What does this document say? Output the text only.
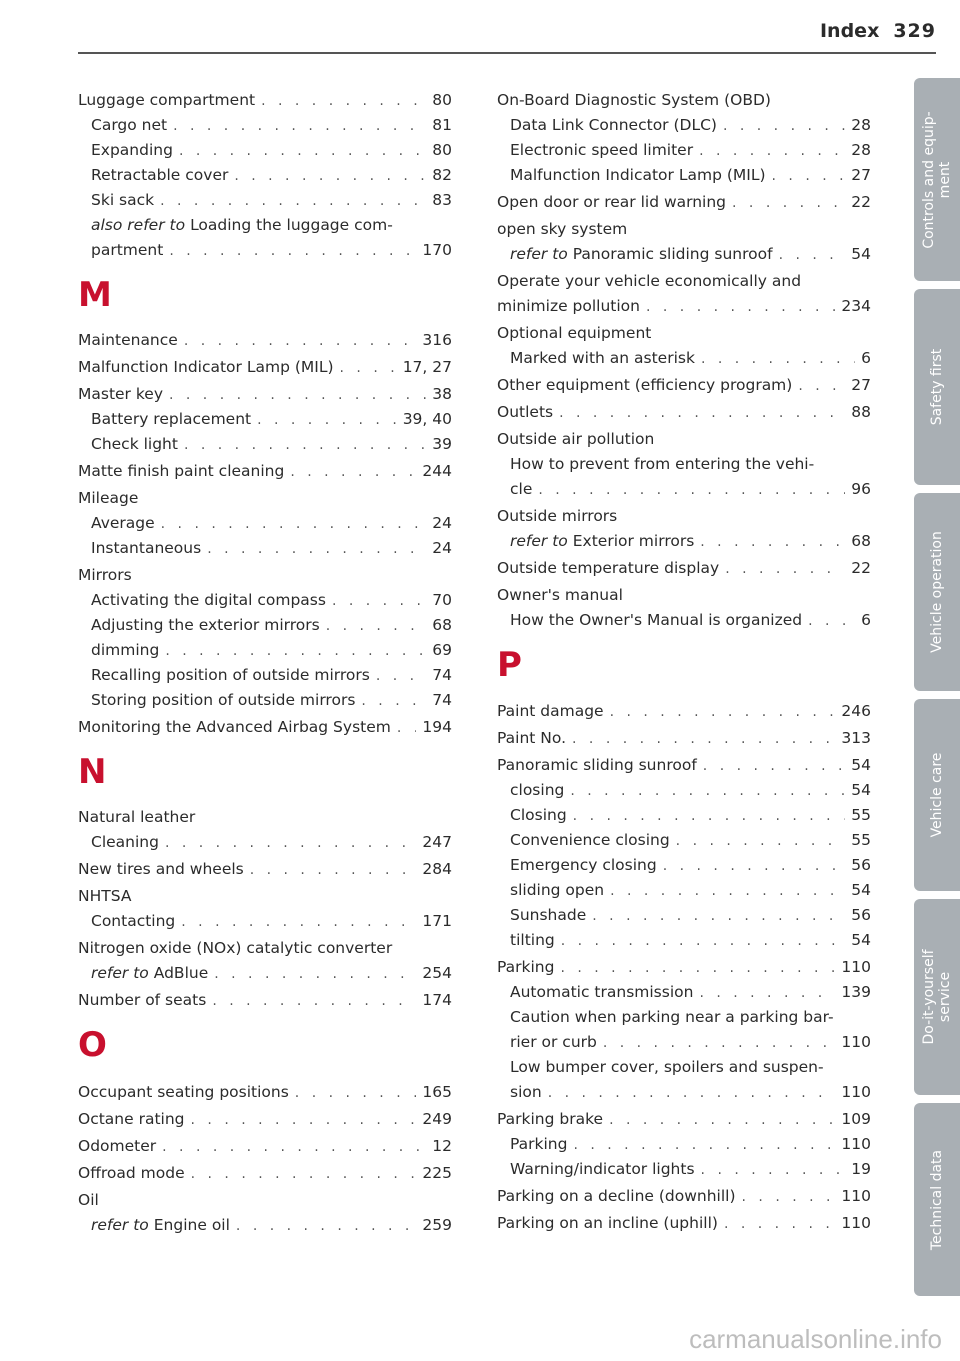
Index 329
Luggage compartment . . .	80
Cargo net . . .	81
Expanding . . .	80
Retractable cover . . .	82
Ski sack . . .	83
also refer to Loading the luggage com-
partment . . .	170
M
Maintenance . . .	316
Malfunction Indicator Lamp (MIL) . . .	17, 27
Master key . . .	38
Battery replacement . . .	39, 40
Check light . . .	39
Matte finish paint cleaning . . .	244
Mileage
Average . . .	24
Instantaneous . . .	24
Mirrors
Activating the digital compass . . .	70
Adjusting the exterior mirrors . . .	68
dimming . . .	69
Recalling position of outside mirrors . . .	74
Storing position of outside mirrors . . .	74
Monitoring the Advanced Airbag System . . . 194
N
Natural leather
Cleaning . . .	247
New tires and wheels . . .	284
NHTSA
Contacting . . .	171
Nitrogen oxide (NOx) catalytic converter
refer to AdBlue . . .	254
Number of seats . . .	174
O
Occupant seating positions . . .	165
Octane rating . . .	249
Odometer . . .	12
Offroad mode . . .	225
Oil
refer to Engine oil . . .	259
On-Board Diagnostic System (OBD)
Data Link Connector (DLC) . . .	28
Electronic speed limiter . . .	28
Malfunction Indicator Lamp (MIL) . . .	27
Open door or rear lid warning . . .	22
open sky system
refer to Panoramic sliding sunroof . . .	54
Operate your vehicle economically and
minimize pollution . . .	234
Optional equipment
Marked with an asterisk . . .	6
Other equipment (efficiency program) . . .	27
Outlets . . .	88
Outside air pollution
How to prevent from entering the vehi-
cle . . .	96
Outside mirrors
refer to Exterior mirrors . . .	68
Outside temperature display . . .	22
Owner's manual
How the Owner's Manual is organized . . .	6
P
Paint damage . . .	246
Paint No. . . .	313
Panoramic sliding sunroof . . .	54
closing . . .	54
Closing . . .	55
Convenience closing . . .	55
Emergency closing . . .	56
sliding open . . .	54
Sunshade . . .	56
tilting . . .	54
Parking . . .	110
Automatic transmission . . .	139
Caution when parking near a parking bar-
rier or curb . . .	110
Low bumper cover, spoilers and suspen-
sion . . .	110
Parking brake . . .	109
Parking . . .	110
Warning/indicator lights . . .	19
Parking on a decline (downhill) . . .	110
Parking on an incline (uphill) . . .	110
Controls and equip-
ment
Safety first
Vehicle operation
Vehicle care
Do-it-yourself
service
Technical data
carmanualsonline.info
